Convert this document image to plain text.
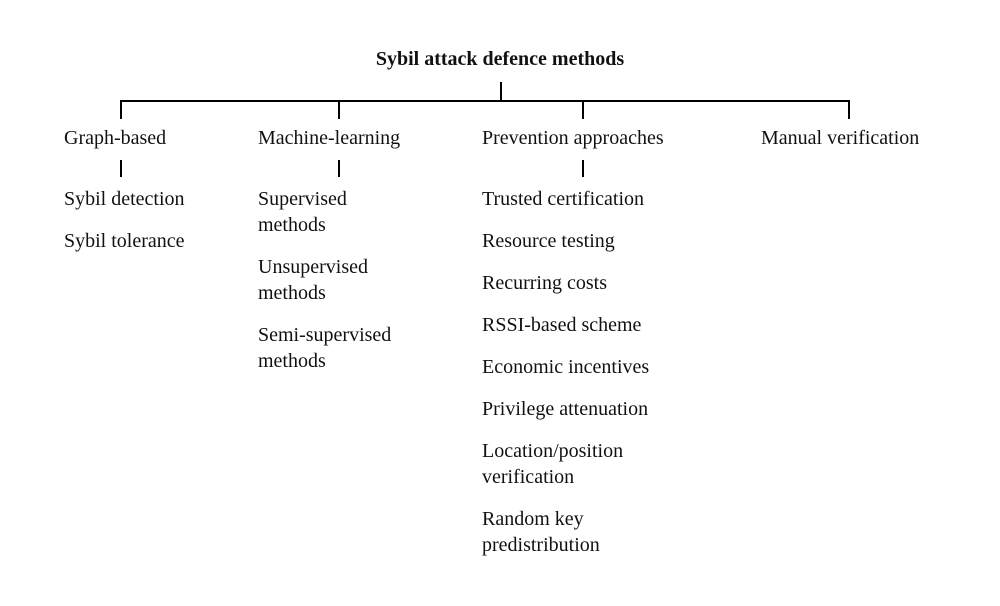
Sybil attack defence methods
Graph-based	Machine-learning	Prevention approaches	Manual verification
Sybil detection
Sybil tolerance
Supervised methods
Unsupervised methods
Semi-supervised methods
Trusted certification
Resource testing
Recurring costs
RSSI-based scheme
Economic incentives
Privilege attenuation
Location/position verification
Random key predistribution
